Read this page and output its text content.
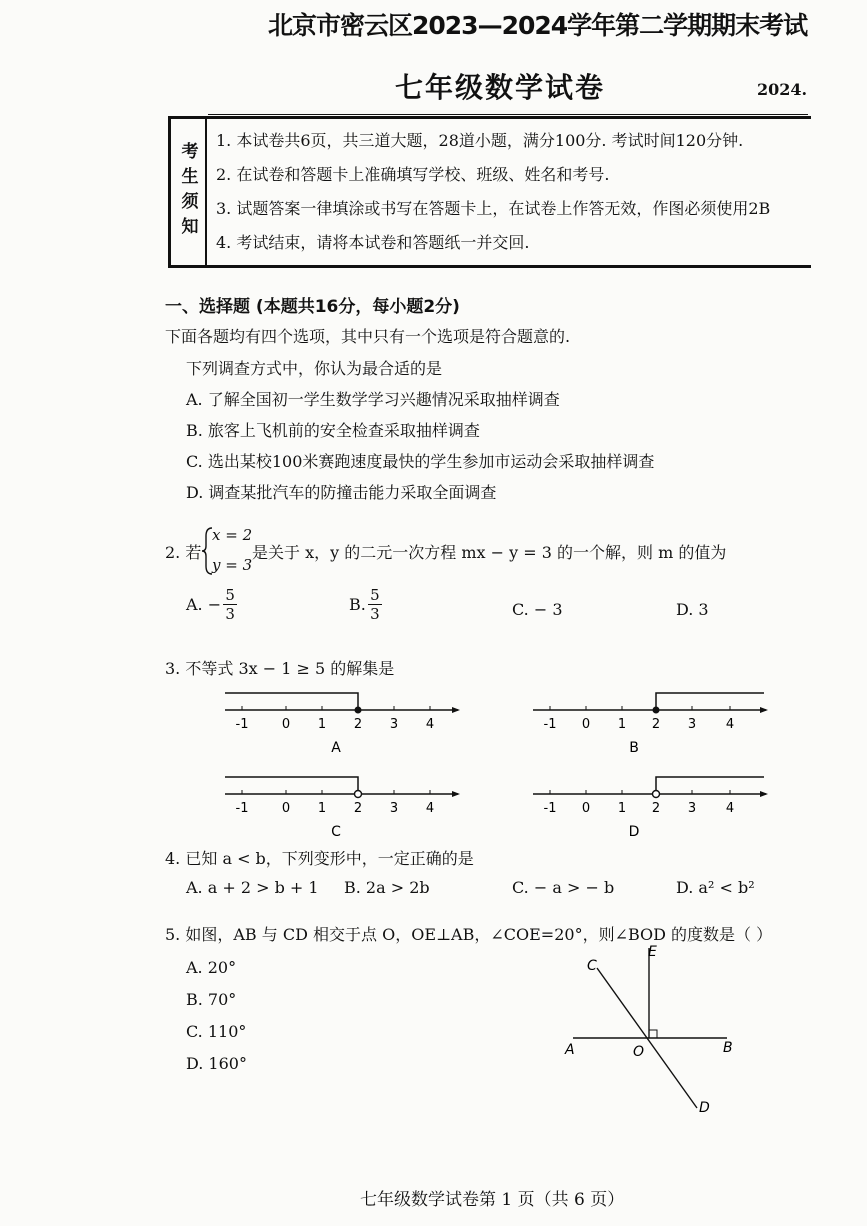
北京市密云区2023—2024学年第二学期期末考试
七年级数学试卷	2024.
考生须知
1. 本试卷共6页，共三道大题，28道小题，满分100分. 考试时间120分钟.
2. 在试卷和答题卡上准确填写学校、班级、姓名和考号.
3. 试题答案一律填涂或书写在答题卡上，在试卷上作答无效，作图必须使用2B
4. 考试结束，请将本试卷和答题纸一并交回.
一、选择题 (本题共16分，每小题2分)
下面各题均有四个选项，其中只有一个选项是符合题意的.
下列调查方式中，你认为最合适的是
A. 了解全国初一学生数学学习兴趣情况采取抽样调查
B. 旅客上飞机前的安全检查采取抽样调查
C. 选出某校100米赛跑速度最快的学生参加市运动会采取抽样调查
D. 调查某批汽车的防撞击能力采取全面调查
2. 若
x = 2
y = 3
是关于 x，y 的二元一次方程 mx − y = 3 的一个解，则 m 的值为
A. − $\frac{5}{3}$	B. $\frac{5}{3}$	C. − 3	D. 3
3. 不等式 3x − 1 ≥ 5 的解集是
-1	0 1 2 3 4
A
-1 0 1 2 3 4
B
-1	0 1 2 3 4
C
-1 0 1 2 3 4
D
4. 已知 a < b，下列变形中，一定正确的是
A. a + 2 > b + 1 B. 2a > 2b	C. − a > − b	D. a² < b²
5. 如图，AB 与 CD 相交于点 O，OE⊥AB，∠COE=20°，则∠BOD 的度数是（ ）
A. 20°
B. 70°
C. 110°
D. 160°
A	B
C
D
E
O
七年级数学试卷第 1 页（共 6 页）
